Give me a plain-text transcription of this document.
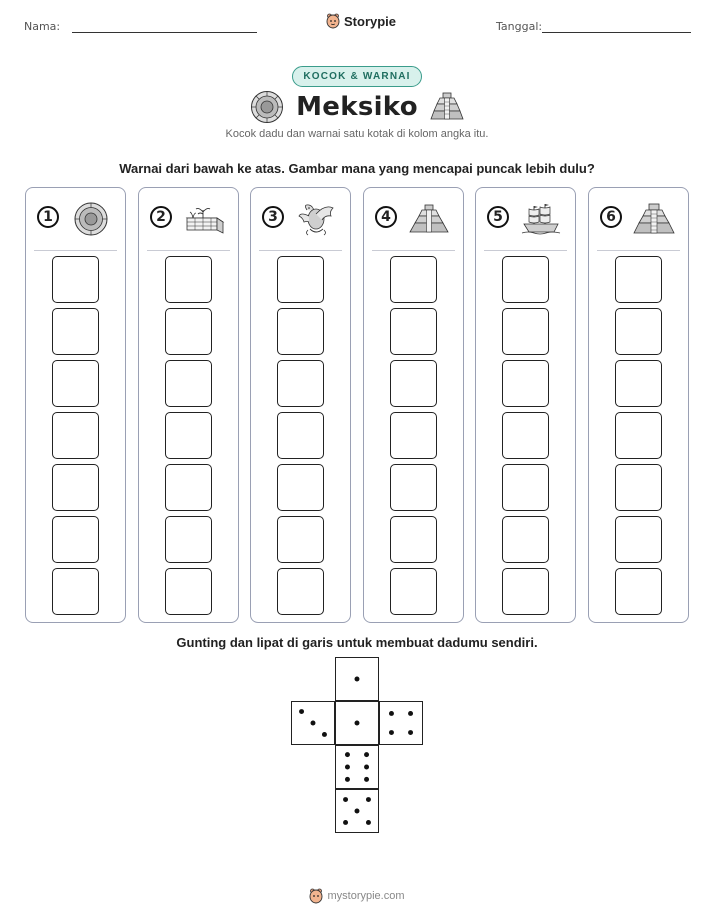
Nama:	Storypie	Tanggal:
KOCOK & WARNAI
Meksiko
Kocok dadu dan warnai satu kotak di kolom angka itu.
Warnai dari bawah ke atas. Gambar mana yang mencapai puncak lebih dulu?
1	2	3	4	5	6
Gunting dan lipat di garis untuk membuat dadumu sendiri.
mystorypie.com
